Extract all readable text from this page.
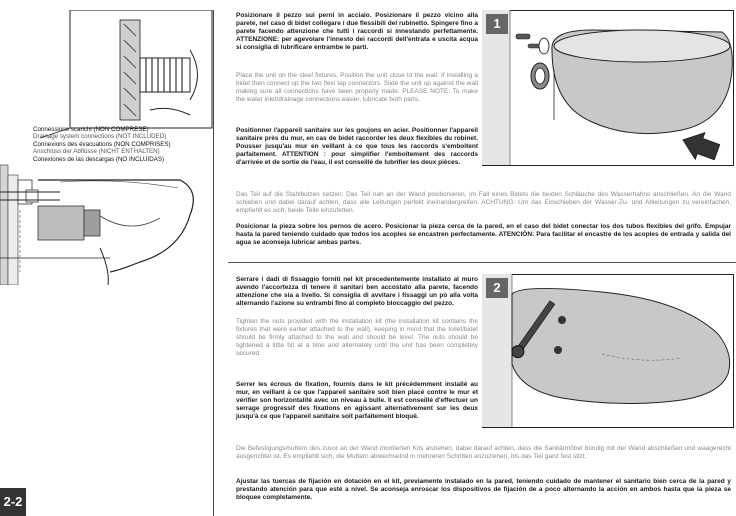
Connessione scarichi (NON COMPRESE)
Drainage system connections (NOT INCLUDED)
Connexions des évacuations (NON COMPRISES)
Anschluss der Abflüsse (NICHT ENTHALTEN)
Conexiones de las descargas (NO INCLUIDAS)
2-2
Posizionare il pezzo sui perni in acciaio. Posizionare il pezzo vicino alla parete, nel caso di bidet collegare i due flessibili del rubinetto. Spingere fino a parete facendo attenzione che tutti i raccordi si innestando perfettamente. ATTENZIONE: per agevolare l'innesto dei raccordi dell'entrata e uscita acqua si consiglia di lubrificare entrambe le parti.
Place the unit on the steel fixtures. Position the unit close to the wall. If installing a bidet then connect up the two flexi tap connectors. Slide the unit up against the wall making sure all connections have been properly made. PLEASE NOTE: To make the water inlet/drainage connections easier, lubricate both parts.
Positionner l'appareil sanitaire sur les goujons en acier. Positionner l'appareil sanitaire près du mur, en cas de bidet raccorder les deux flexibles du robinet. Pousser jusqu'au mur en veillant à ce que tous les raccords s'emboîtent parfaitement. ATTENTION : pour simplifier l'emboîtement des raccords d'arrivée et de sortie de l'eau, il est conseillé de lubrifier les deux pièces.
Das Teil auf die Stahlbolzen setzen: Das Teil nah an der Wand positionieren, im Fall eines Bidets die beiden Schläuche des Wasserhahns anschließen. An die Wand schieben und dabei darauf achten, dass alle Leitungen perfekt ineinandergreifen. ACHTUNG: Um das Einschieben der Wasser-Zu- und Ableitungen zu vereinfachen, empfiehlt es sich, beide Teile einzufetten.
Posicionar la pieza sobre los pernos de acero. Posicionar la pieza cerca de la pared, en el caso del bidet conectar los dos tubos flexibles del grifo. Empujar hasta la pared teniendo cuidado que todos los acoples se encastren perfectamente. ATENCIÓN: Para facilitar el encastre de los acoples de entrada y salida del agua se aconseja lubricar ambas partes.
1
Serrare i dadi di fissaggio forniti nel kit precedentemente installato al muro avendo l'accortezza di tenere il sanitari ben accostato alla parete, facendo attenzione che sia a livello. Si consiglia di avvitare i fissaggi un pò alla volta alternando l'azione su entrambi fino al completo bloccaggio del pezzo.
Tighten the nuts provided with the installation kit (the installation kit contains the fixtures that were earlier attached to the wall), keeping in mind that the toilet/bidet should be firmly attached to the wall and should be level. The nuts should be tightened a little bit at a time and alternately until the unit has been completely secured.
Serrer les écrous de fixation, fournis dans le kit précédemment installé au mur, en veillant à ce que l'appareil sanitaire soit bien placé contre le mur et vérifier son horizontalité avec un niveau à bulle. Il est conseillé d'effectuer un serrage progressif des fixations en agissant alternativement sur les deux jusqu'à ce que l'appareil sanitaire soit parfaitement bloqué.
Die Befestigungsmuttern des zuvor an der Wand montierten Kits anziehen, dabei darauf achten, dass die Sanitärmöbel bündig mit der Wand abschließen und waagerecht ausgerichtet ist. Es empfiehlt sich, die Muttern abwechselnd in mehreren Schritten anzuziehen, bis das Teil ganz fest sitzt.
Ajustar las tuercas de fijación en dotación en el kit, previamente instalado en la pared, teniendo cuidado de mantener el sanitario bien cerca de la pared y prestando atención para que esté a nivel. Se aconseja enroscar los dispositivos de fijación de a poco alternando la acción en ambos hasta que la pieza se bloquee completamente.
2
